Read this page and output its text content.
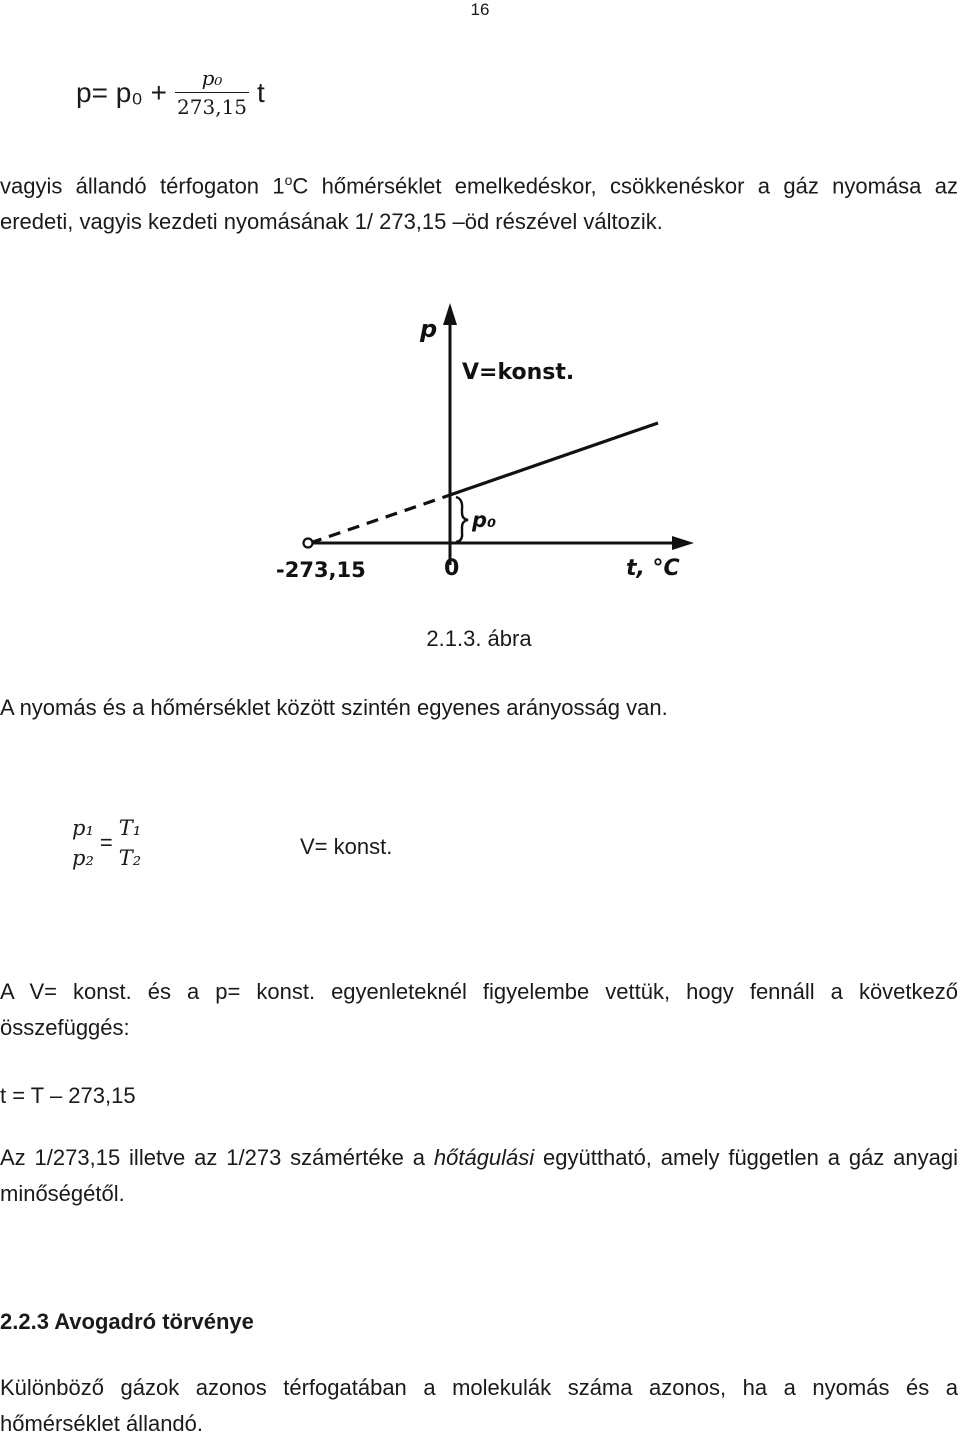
16
$p= p_0 + \frac{\text{p₀}}{273,15}$ t
vagyis állandó térfogaton 1$^o$C hőmérséklet emelkedéskor, csökkenéskor a gáz nyomása az eredeti, vagyis kezdeti nyomásának 1/ 273,15 –öd részével változik.
p
V=konst.
p₀
0
-273,15	t, °C
2.1.3. ábra
A nyomás és a hőmérséklet között szintén egyenes arányosság van.
p₁
p₂
=
T₁
T₂	V= konst.
A V= konst. és a p= konst. egyenleteknél figyelembe vettük, hogy fennáll a következő összefüggés:
t = T – 273,15
Az 1/273,15 illetve az 1/273 számértéke a hőtágulási együttható, amely független a gáz anyagi minőségétől.
2.2.3 Avogadró törvénye
Különböző gázok azonos térfogatában a molekulák száma azonos, ha a nyomás és a hőmérséklet állandó.
